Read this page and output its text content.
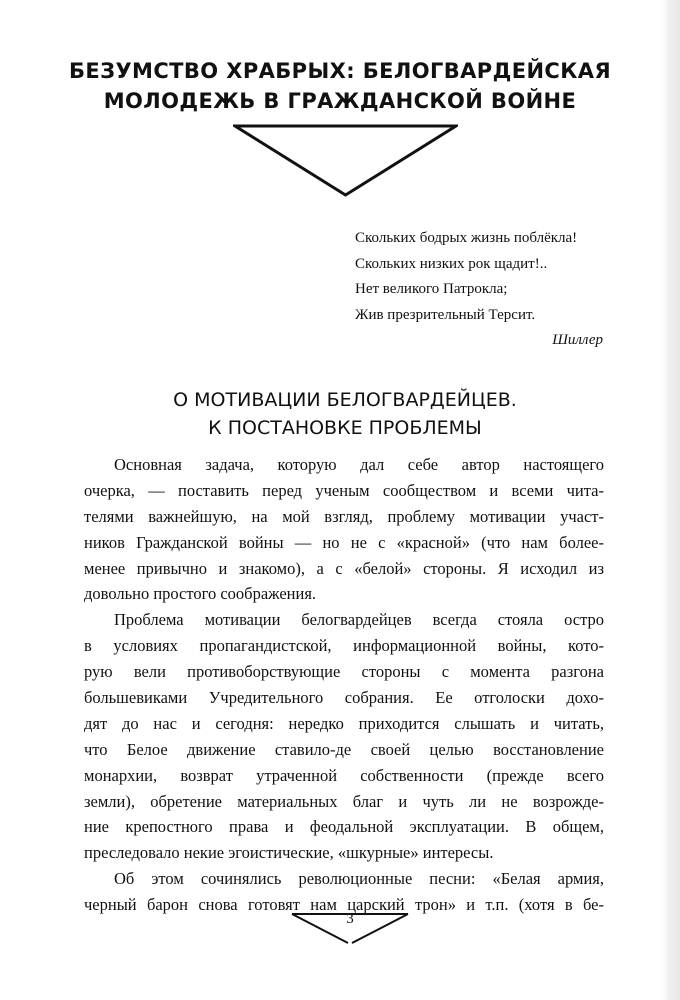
БЕЗУМСТВО ХРАБРЫХ: БЕЛОГВАРДЕЙСКАЯ
МОЛОДЕЖЬ В ГРАЖДАНСКОЙ ВОЙНЕ
Скольких бодрых жизнь поблёкла!
Скольких низких рок щадит!..
Нет великого Патрокла;
Жив презрительный Терсит.
Шиллер
О МОТИВАЦИИ БЕЛОГВАРДЕЙЦЕВ.
К ПОСТАНОВКЕ ПРОБЛЕМЫ
Основная задача, которую дал себе автор настоящего
очерка, — поставить перед ученым сообществом и всеми чита-
телями важнейшую, на мой взгляд, проблему мотивации участ-
ников Гражданской войны — но не с «красной» (что нам более-
менее привычно и знакомо), а с «белой» стороны. Я исходил из
довольно простого соображения.
Проблема мотивации белогвардейцев всегда стояла остро
в условиях пропагандистской, информационной войны, кото-
рую вели противоборствующие стороны с момента разгона
большевиками Учредительного собрания. Ее отголоски дохо-
дят до нас и сегодня: нередко приходится слышать и читать,
что Белое движение ставило-де своей целью восстановление
монархии, возврат утраченной собственности (прежде всего
земли), обретение материальных благ и чуть ли не возрожде-
ние крепостного права и феодальной эксплуатации. В общем,
преследовало некие эгоистические, «шкурные» интересы.
Об этом сочинялись революционные песни: «Белая армия,
черный барон снова готовят нам царский трон» и т.п. (хотя в бе-
3
